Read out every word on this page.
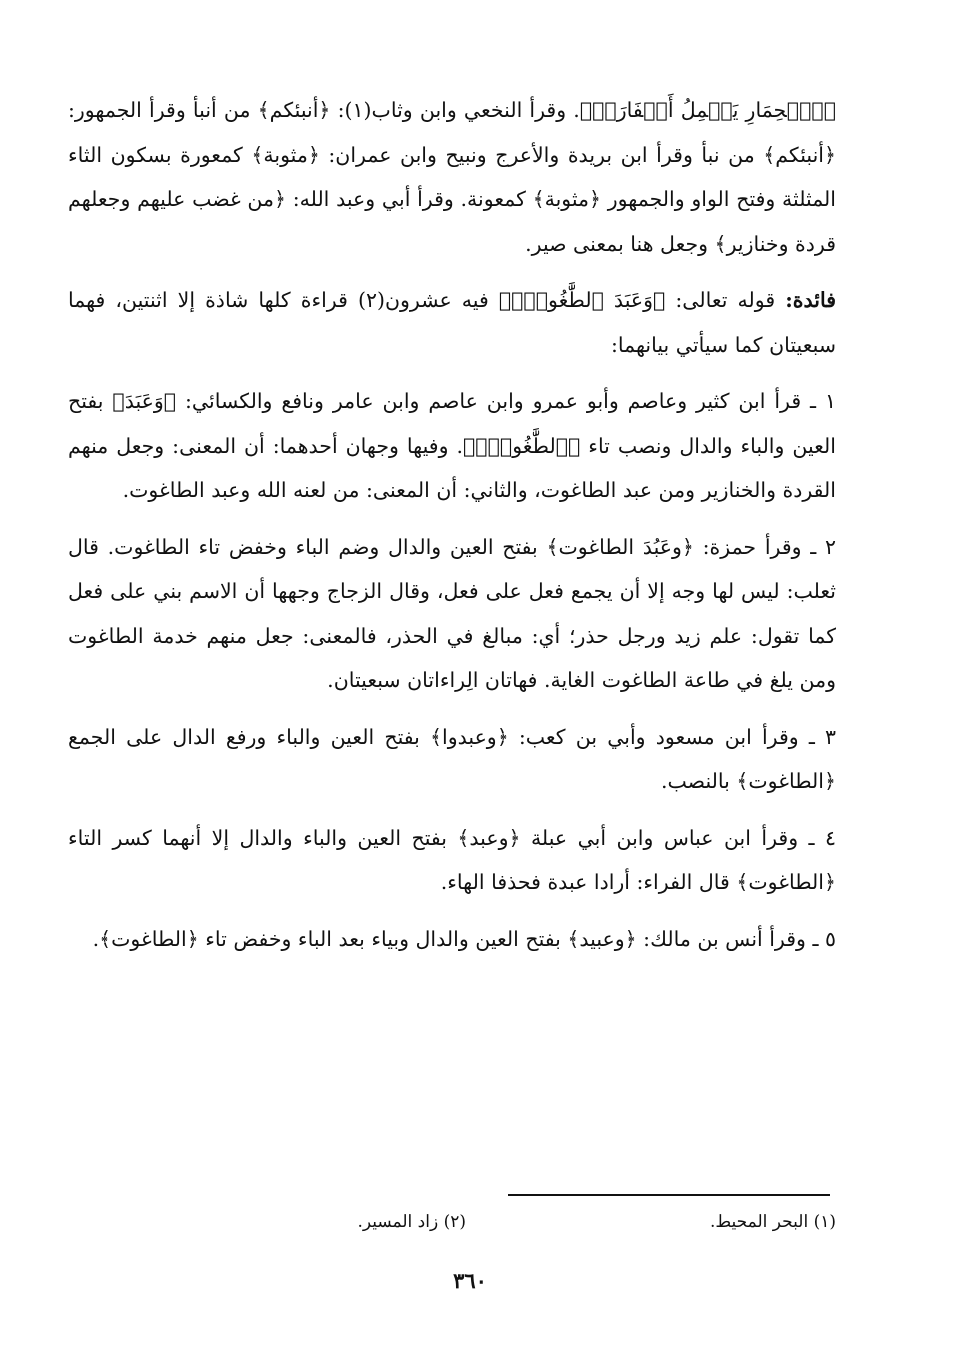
﴿ٱلۡحِمَارِ يَحۡمِلُ أَسۡفَارَاۢ﴾. وقرأ النخعي وابن وثاب(١): ﴿أنبئكم﴾ من أنبأ وقرأ الجمهور: ﴿أنبئكم﴾ من نبأ وقرأ ابن بريدة والأعرج ونبيح وابن عمران: ﴿مثوبة﴾ كمعورة بسكون الثاء المثلثة وفتح الواو والجمهور ﴿مثوبة﴾ كمعونة. وقرأ أبي وعبد الله: ﴿من غضب عليهم وجعلهم قردة وخنازير﴾ وجعل هنا بمعنى صير.

فائدة: قوله تعالى: ﴿وَعَبَدَ ٱلطَّٰغُوتَۚ﴾ فيه عشرون(٢) قراءة كلها شاذة إلا اثنتين، فهما سبعيتان كما سيأتي بيانهما:

١ ـ قرأ ابن كثير وعاصم وأبو عمرو وابن عاصم وابن عامر ونافع والكسائي: ﴿وَعَبَدَ﴾ بفتح العين والباء والدال ونصب تاء ﴿ٱلطَّٰغُوتَۚ﴾. وفيها وجهان أحدهما: أن المعنى: وجعل منهم القردة والخنازير ومن عبد الطاغوت، والثاني: أن المعنى: من لعنه الله وعبد الطاغوت.

٢ ـ وقرأ حمزة: ﴿وعَبُدَ الطاغوت﴾ بفتح العين والدال وضم الباء وخفض تاء الطاغوت. قال ثعلب: ليس لها وجه إلا أن يجمع فعل على فعل، وقال الزجاج وجهها أن الاسم بني على فعل كما تقول: علم زيد ورجل حذر؛ أي: مبالغ في الحذر، فالمعنى: جعل منهم خدمة الطاغوت ومن يلغ في طاعة الطاغوت الغاية. فهاتان الِراءاتان سبعيتان.

٣ ـ وقرأ ابن مسعود وأبي بن كعب: ﴿وعبدوا﴾ بفتح العين والباء ورفع الدال على الجمع ﴿الطاغوت﴾ بالنصب.

٤ ـ وقرأ ابن عباس وابن أبي عبلة ﴿وعبد﴾ بفتح العين والباء والدال إلا أنهما كسر التاء ﴿الطاغوت﴾ قال الفراء: أرادا عبدة فحذفا الهاء.

٥ ـ وقرأ أنس بن مالك: ﴿وعبيد﴾ بفتح العين والدال وبياء بعد الباء وخفض تاء ﴿الطاغوت﴾.

(١) البحر المحيط.
(٢) زاد المسير.
٣٦٠
